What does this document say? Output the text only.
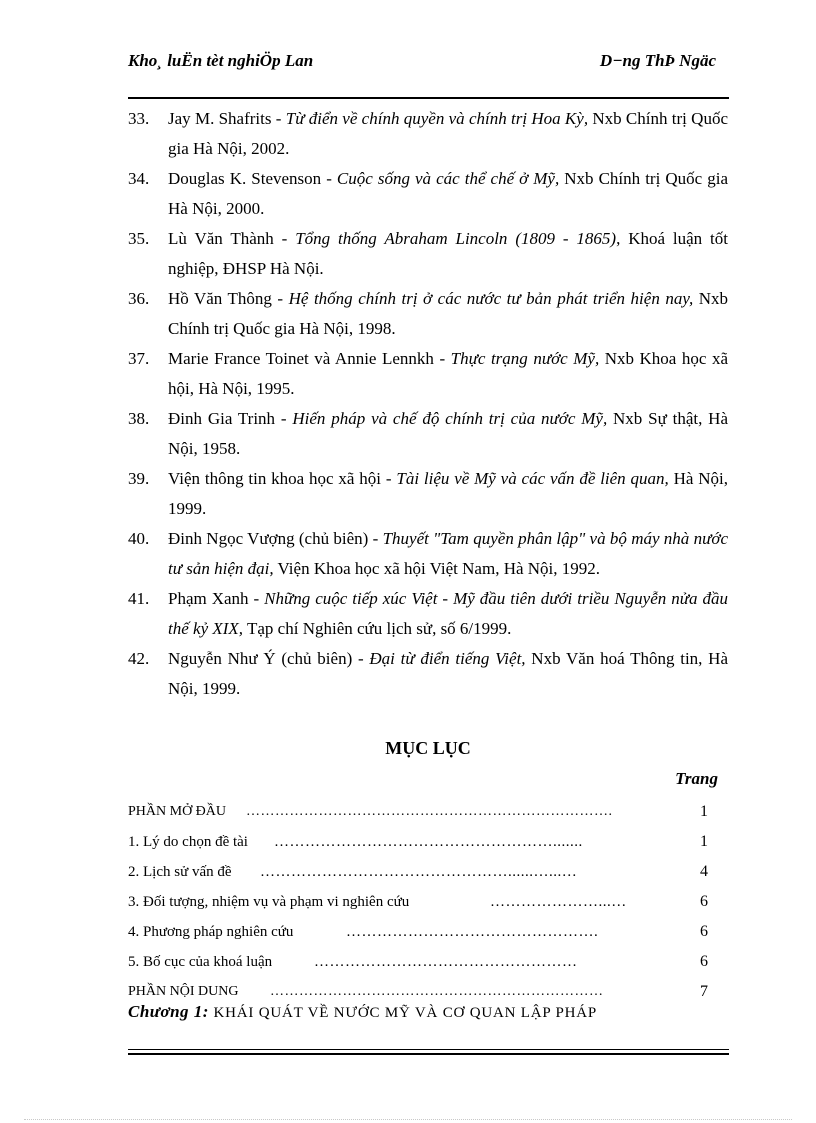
Kho¸ luËn tèt nghiÖp Lan	D−ng ThÞ Ngäc
33. Jay M. Shafrits - Từ điển về chính quyền và chính trị Hoa Kỳ, Nxb Chính trị Quốc gia Hà Nội, 2002.
34. Douglas K. Stevenson - Cuộc sống và các thể chế ở Mỹ, Nxb Chính trị Quốc gia Hà Nội, 2000.
35. Lù Văn Thành - Tổng thống Abraham Lincoln (1809 - 1865), Khoá luận tốt nghiệp, ĐHSP Hà Nội.
36. Hồ Văn Thông - Hệ thống chính trị ở các nước tư bản phát triển hiện nay, Nxb Chính trị Quốc gia Hà Nội, 1998.
37. Marie France Toinet và Annie Lennkh - Thực trạng nước Mỹ, Nxb Khoa học xã hội, Hà Nội, 1995.
38. Đinh Gia Trinh - Hiến pháp và chế độ chính trị của nước Mỹ, Nxb Sự thật, Hà Nội, 1958.
39. Viện thông tin khoa học xã hội - Tài liệu về Mỹ và các vấn đề liên quan, Hà Nội, 1999.
40. Đinh Ngọc Vượng (chủ biên) - Thuyết "Tam quyền phân lập" và bộ máy nhà nước tư sản hiện đại, Viện Khoa học xã hội Việt Nam, Hà Nội, 1992.
41. Phạm Xanh - Những cuộc tiếp xúc Việt - Mỹ đầu tiên dưới triều Nguyễn nửa đầu thế kỷ XIX, Tạp chí Nghiên cứu lịch sử, số 6/1999.
42. Nguyễn Như Ý (chủ biên) - Đại từ điển tiếng Việt, Nxb Văn hoá Thông tin, Hà Nội, 1999.
MỤC LỤC
Trang
PHẦN MỞ ĐẦU ………………………………………………………………….	1
1. Lý do chọn đề tài ……………………………………………….......	1
2. Lịch sử vấn đề …………………………………………......…...…	4
3. Đối tượng, nhiệm vụ và phạm vi nghiên cứu	…………………...…	6
4. Phương pháp nghiên cứu	………………………………………….	6
5. Bố cục của khoá luận	……………………………………………	6
PHẦN NỘI DUNG ……………………………………………………………	7
Chương 1: KHÁI QUÁT VỀ NƯỚC MỸ VÀ CƠ QUAN LẬP PHÁP
